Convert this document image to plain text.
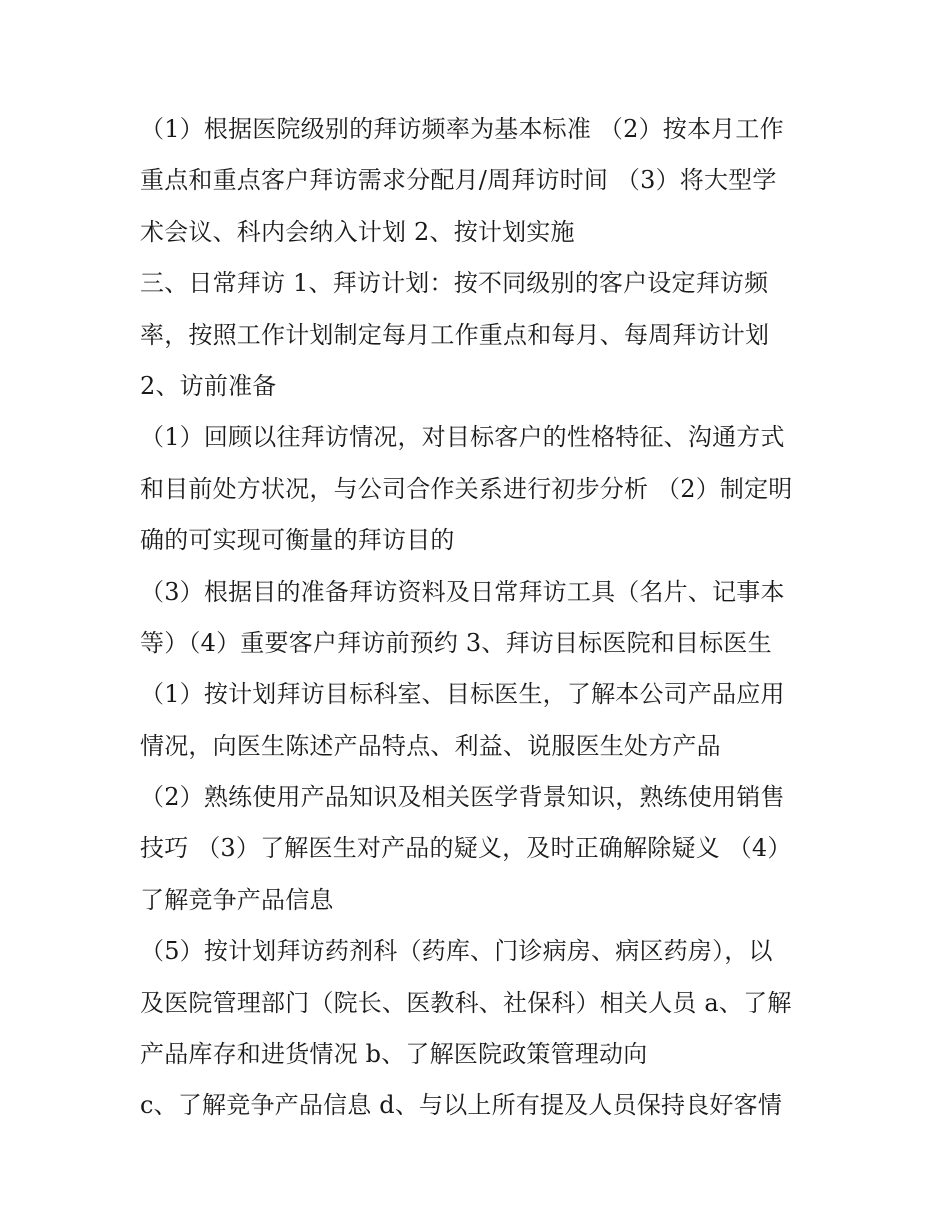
（1）根据医院级别的拜访频率为基本标准 （2）按本月工作
重点和重点客户拜访需求分配月/周拜访时间 （3）将大型学
术会议、科内会纳入计划 2、按计划实施
三、日常拜访 1、拜访计划：按不同级别的客户设定拜访频
率，按照工作计划制定每月工作重点和每月、每周拜访计划
2、访前准备
（1）回顾以往拜访情况，对目标客户的性格特征、沟通方式
和目前处方状况，与公司合作关系进行初步分析 （2）制定明
确的可实现可衡量的拜访目的
（3）根据目的准备拜访资料及日常拜访工具（名片、记事本
等）（4）重要客户拜访前预约 3、拜访目标医院和目标医生
（1）按计划拜访目标科室、目标医生，了解本公司产品应用
情况，向医生陈述产品特点、利益、说服医生处方产品
（2）熟练使用产品知识及相关医学背景知识，熟练使用销售
技巧 （3）了解医生对产品的疑义，及时正确解除疑义 （4）
了解竞争产品信息
（5）按计划拜访药剂科（药库、门诊病房、病区药房），以
及医院管理部门（院长、医教科、社保科）相关人员 a、了解
产品库存和进货情况 b、了解医院政策管理动向
c、了解竞争产品信息 d、与以上所有提及人员保持良好客情
